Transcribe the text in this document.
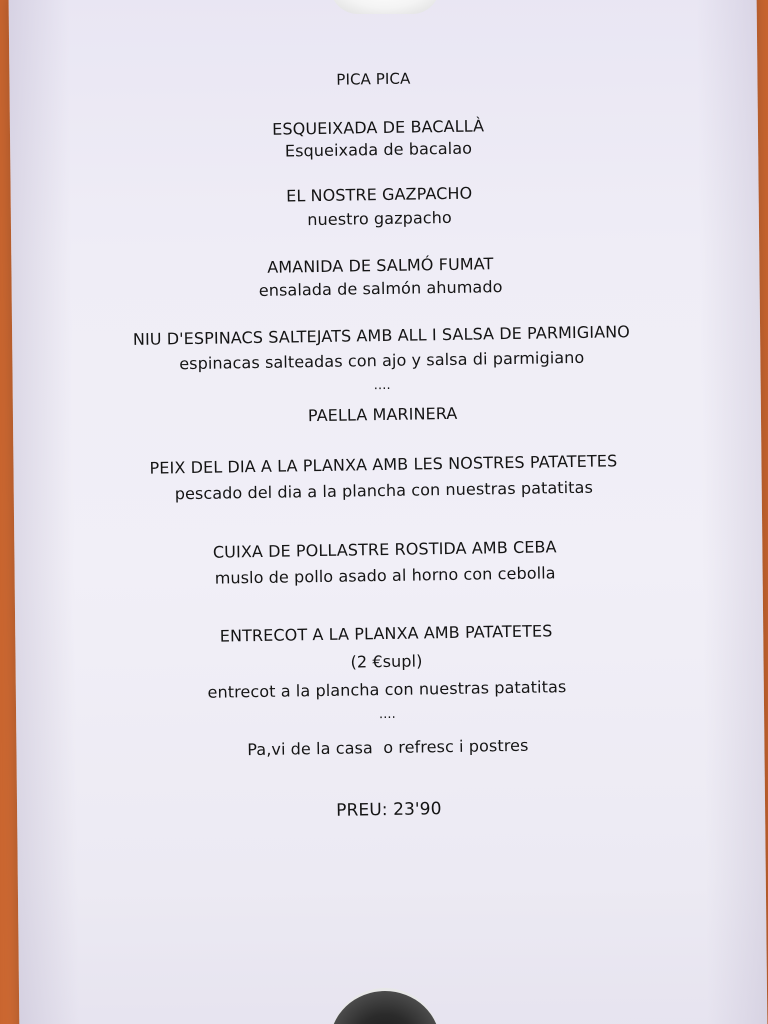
PICA PICA
ESQUEIXADA DE BACALLÀ
Esqueixada de bacalao
EL NOSTRE GAZPACHO
nuestro gazpacho
AMANIDA DE SALMÓ FUMAT
ensalada de salmón ahumado
NIU D'ESPINACS SALTEJATS AMB ALL I SALSA DE PARMIGIANO
espinacas salteadas con ajo y salsa di parmigiano
....
PAELLA MARINERA
PEIX DEL DIA A LA PLANXA AMB LES NOSTRES PATATETES
pescado del dia a la plancha con nuestras patatitas
CUIXA DE POLLASTRE ROSTIDA AMB CEBA
muslo de pollo asado al horno con cebolla
ENTRECOT A LA PLANXA AMB PATATETES
(2 €supl)
entrecot a la plancha con nuestras patatitas
....
Pa,vi de la casa  o refresc i postres
PREU: 23'90
